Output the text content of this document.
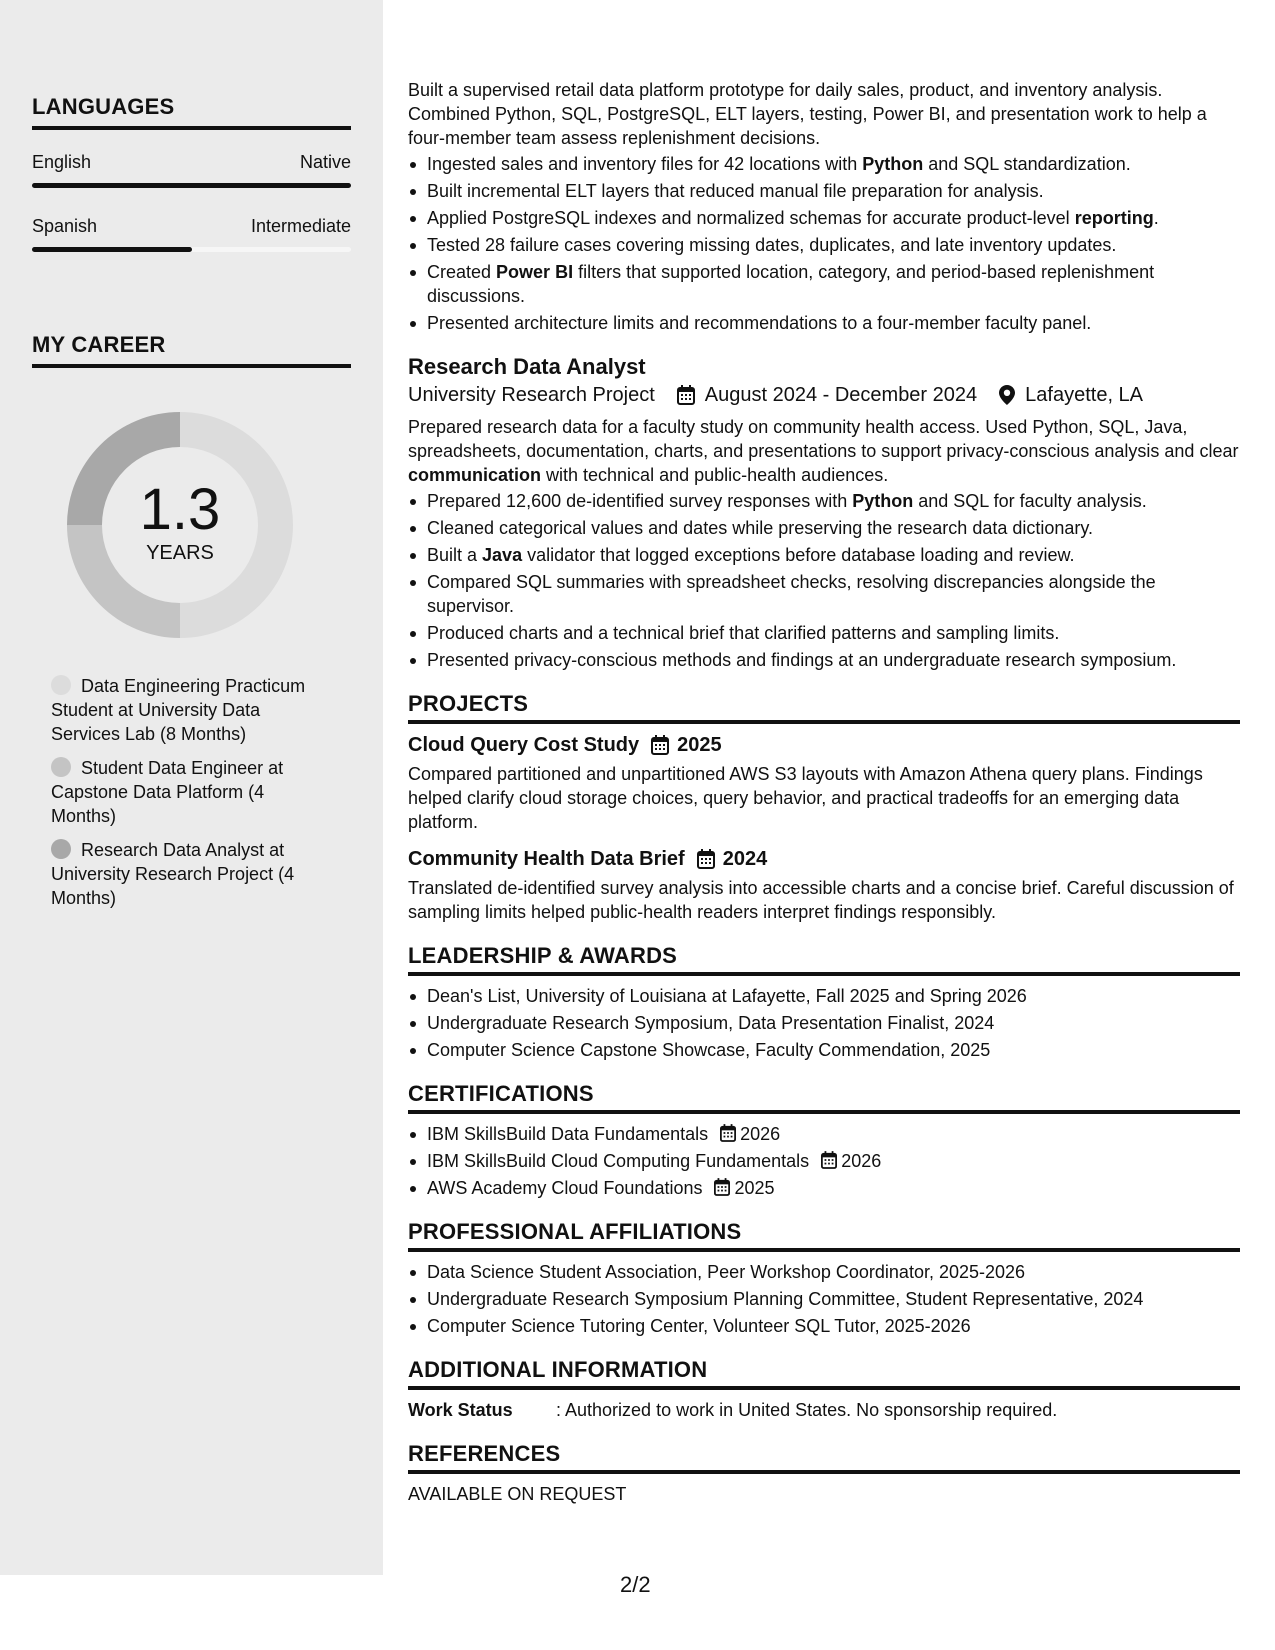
LANGUAGES
English	Native
Spanish	Intermediate
MY CAREER
1.3
YEARS
Data Engineering Practicum Student at University Data Services Lab (8 Months)
Student Data Engineer at Capstone Data Platform (4 Months)
Research Data Analyst at University Research Project (4 Months)

Built a supervised retail data platform prototype for daily sales, product, and inventory analysis. Combined Python, SQL, PostgreSQL, ELT layers, testing, Power BI, and presentation work to help a four-member team assess replenishment decisions.

Ingested sales and inventory files for 42 locations with Python and SQL standardization.
Built incremental ELT layers that reduced manual file preparation for analysis.
Applied PostgreSQL indexes and normalized schemas for accurate product-level reporting.
Tested 28 failure cases covering missing dates, duplicates, and late inventory updates.
Created Power BI filters that supported location, category, and period-based replenishment discussions.
Presented architecture limits and recommendations to a four-member faculty panel.
Research Data Analyst
University Research Project	August 2024 - December 2024 Lafayette, LA

Prepared research data for a faculty study on community health access. Used Python, SQL, Java, spreadsheets, documentation, charts, and presentations to support privacy-conscious analysis and clear communication with technical and public-health audiences.

Prepared 12,600 de-identified survey responses with Python and SQL for faculty analysis.
Cleaned categorical values and dates while preserving the research data dictionary.
Built a Java validator that logged exceptions before database loading and review.
Compared SQL summaries with spreadsheet checks, resolving discrepancies alongside the supervisor.
Produced charts and a technical brief that clarified patterns and sampling limits.
Presented privacy-conscious methods and findings at an undergraduate research symposium.
PROJECTS
Cloud Query Cost Study 2025

Compared partitioned and unpartitioned AWS S3 layouts with Amazon Athena query plans. Findings helped clarify cloud storage choices, query behavior, and practical tradeoffs for an emerging data platform.

Community Health Data Brief 2024

Translated de-identified survey analysis into accessible charts and a concise brief. Careful discussion of sampling limits helped public-health readers interpret findings responsibly.

LEADERSHIP & AWARDS
Dean's List, University of Louisiana at Lafayette, Fall 2025 and Spring 2026
Undergraduate Research Symposium, Data Presentation Finalist, 2024
Computer Science Capstone Showcase, Faculty Commendation, 2025
CERTIFICATIONS
IBM SkillsBuild Data Fundamentals 2026
IBM SkillsBuild Cloud Computing Fundamentals 2026
AWS Academy Cloud Foundations 2025
PROFESSIONAL AFFILIATIONS
Data Science Student Association, Peer Workshop Coordinator, 2025-2026
Undergraduate Research Symposium Planning Committee, Student Representative, 2024
Computer Science Tutoring Center, Volunteer SQL Tutor, 2025-2026
ADDITIONAL INFORMATION
Work Status	: Authorized to work in United States. No sponsorship required.
REFERENCES

AVAILABLE ON REQUEST

2/2
